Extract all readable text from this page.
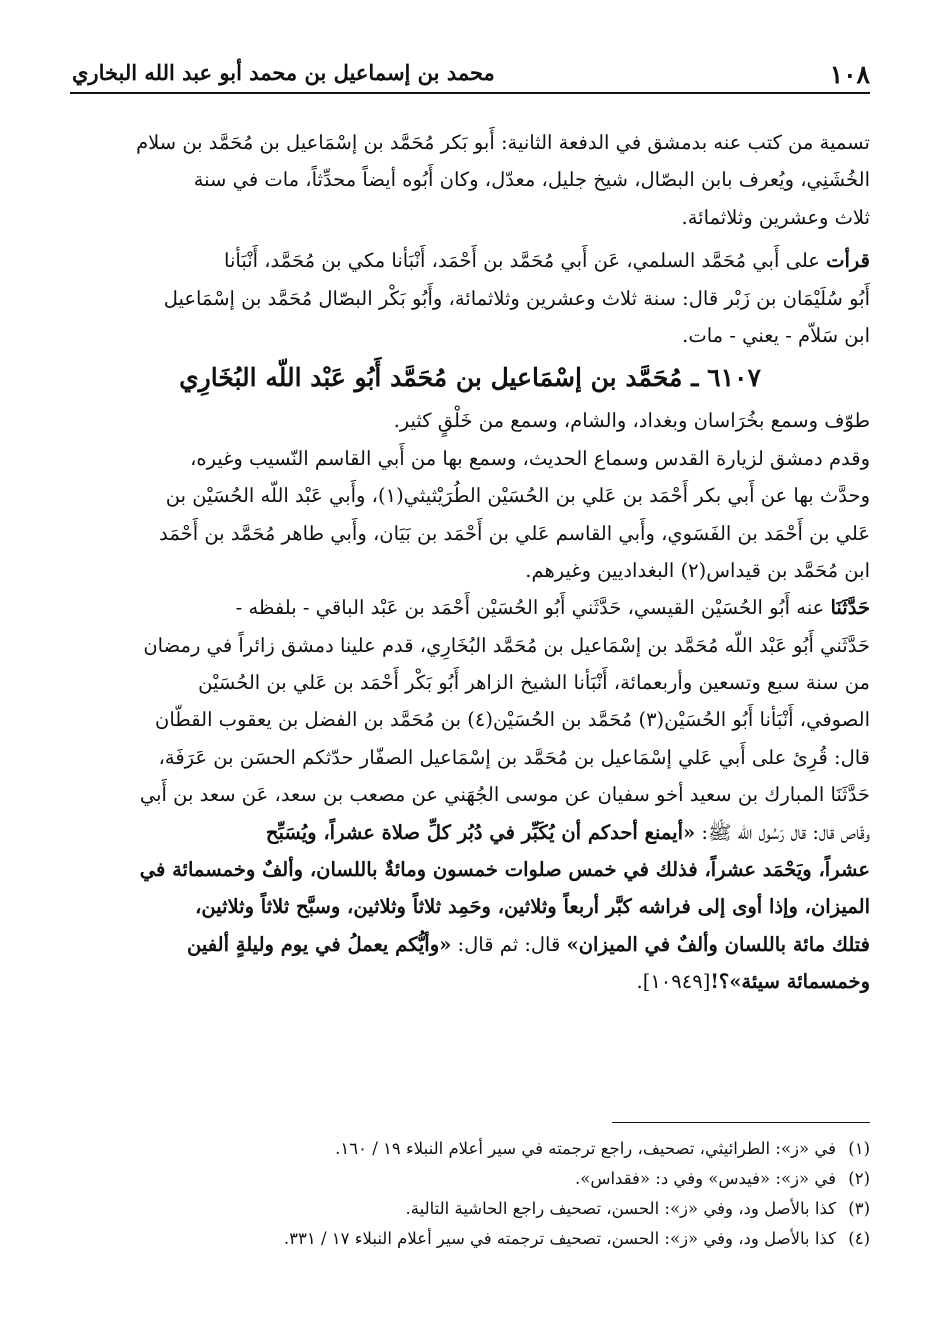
١٠٨
محمد بن إسماعيل بن محمد أبو عبد الله البخاري

تسمية من كتب عنه بدمشق في الدفعة الثانية: أَبو بَكر مُحَمَّد بن إسْمَاعيل بن مُحَمَّد بن سلام
الخُشَنِي، ويُعرف بابن البصّال، شيخ جليل، معدّل، وكان أَبُوه أيضاً محدِّثاً، مات في سنة
ثلاث وعشرين وثلاثمائة.

قرأت على أَبي مُحَمَّد السلمي، عَن أَبي مُحَمَّد بن أَحْمَد، أَنْبَأنا مكي بن مُحَمَّد، أَنْبَأنا
أَبُو سُلَيْمَان بن زَبْر قال: سنة ثلاث وعشرين وثلاثمائة، وأَبُو بَكْر البصّال مُحَمَّد بن إسْمَاعيل
ابن سَلاّم - يعني - مات.

٦١٠٧ ـ مُحَمَّد بن إسْمَاعيل بن مُحَمَّد أَبُو عَبْد اللّه البُخَارِي

طوّف وسمع بخُرَاسان وبغداد، والشام، وسمع من خَلْقٍ كثير.

وقدم دمشق لزيارة القدس وسماع الحديث، وسمع بها من أَبي القاسم النّسيب وغيره،
وحدَّث بها عن أَبي بكر أَحْمَد بن عَلي بن الحُسَيْن الطُرَيْثيثي(١)، وأَبي عَبْد اللّه الحُسَيْن بن
عَلي بن أَحْمَد بن الفَسَوي، وأَبي القاسم عَلي بن أَحْمَد بن بَيَان، وأَبي طاهر مُحَمَّد بن أَحْمَد
ابن مُحَمَّد بن قيداس(٢) البغداديين وغيرهم.

حَدَّثَنَا عنه أَبُو الحُسَيْن القيسي، حَدَّثَني أَبُو الحُسَيْن أَحْمَد بن عَبْد الباقي - بلفظه -
حَدَّثَني أَبُو عَبْد اللّه مُحَمَّد بن إسْمَاعيل بن مُحَمَّد البُخَارِي، قدم علينا دمشق زائراً في رمضان
من سنة سبع وتسعين وأربعمائة، أَنْبَأنا الشيخ الزاهر أَبُو بَكْر أَحْمَد بن عَلي بن الحُسَيْن
الصوفي، أَنْبَأنا أَبُو الحُسَيْن(٣) مُحَمَّد بن الحُسَيْن(٤) بن مُحَمَّد بن الفضل بن يعقوب القطّان
قال: قُرِئ على أَبي عَلي إسْمَاعيل بن مُحَمَّد بن إسْمَاعيل الصفّار حدّثكم الحسَن بن عَرَفَة،
حَدَّثَنَا المبارك بن سعيد أخو سفيان عن موسى الجُهَني عن مصعب بن سعد، عَن سعد بن أَبي
وقّاص قال: قال رَسُول اللّه ﷺ: «أيمنع أحدكم أن يُكَبِّر في دُبُر كلِّ صلاة عشراً، ويُسَبِّح
عشراً، ويَحْمَد عشراً، فذلك في خمس صلوات خمسون ومائةٌ باللسان، وألفٌ وخمسمائة في
الميزان، وإذا أوى إلى فراشه كبَّر أربعاً وثلاثين، وحَمِد ثلاثاً وثلاثين، وسبَّح ثلاثاً وثلاثين،
فتلك مائة باللسان وألفٌ في الميزان» قال: ثم قال: «وأيُّكم يعملُ في يوم وليلةٍ ألفين
وخمسمائة سيئة»؟![١٠٩٤٩].

(١)في «ز»: الطرائيثي، تصحيف، راجع ترجمته في سير أعلام النبلاء ١٩ / ١٦٠.
(٢)في «ز»: «فيدس» وفي د: «فقداس».
(٣)كذا بالأصل ود، وفي «ز»: الحسن، تصحيف راجع الحاشية التالية.
(٤)كذا بالأصل ود، وفي «ز»: الحسن، تصحيف ترجمته في سير أعلام النبلاء ١٧ / ٣٣١.
